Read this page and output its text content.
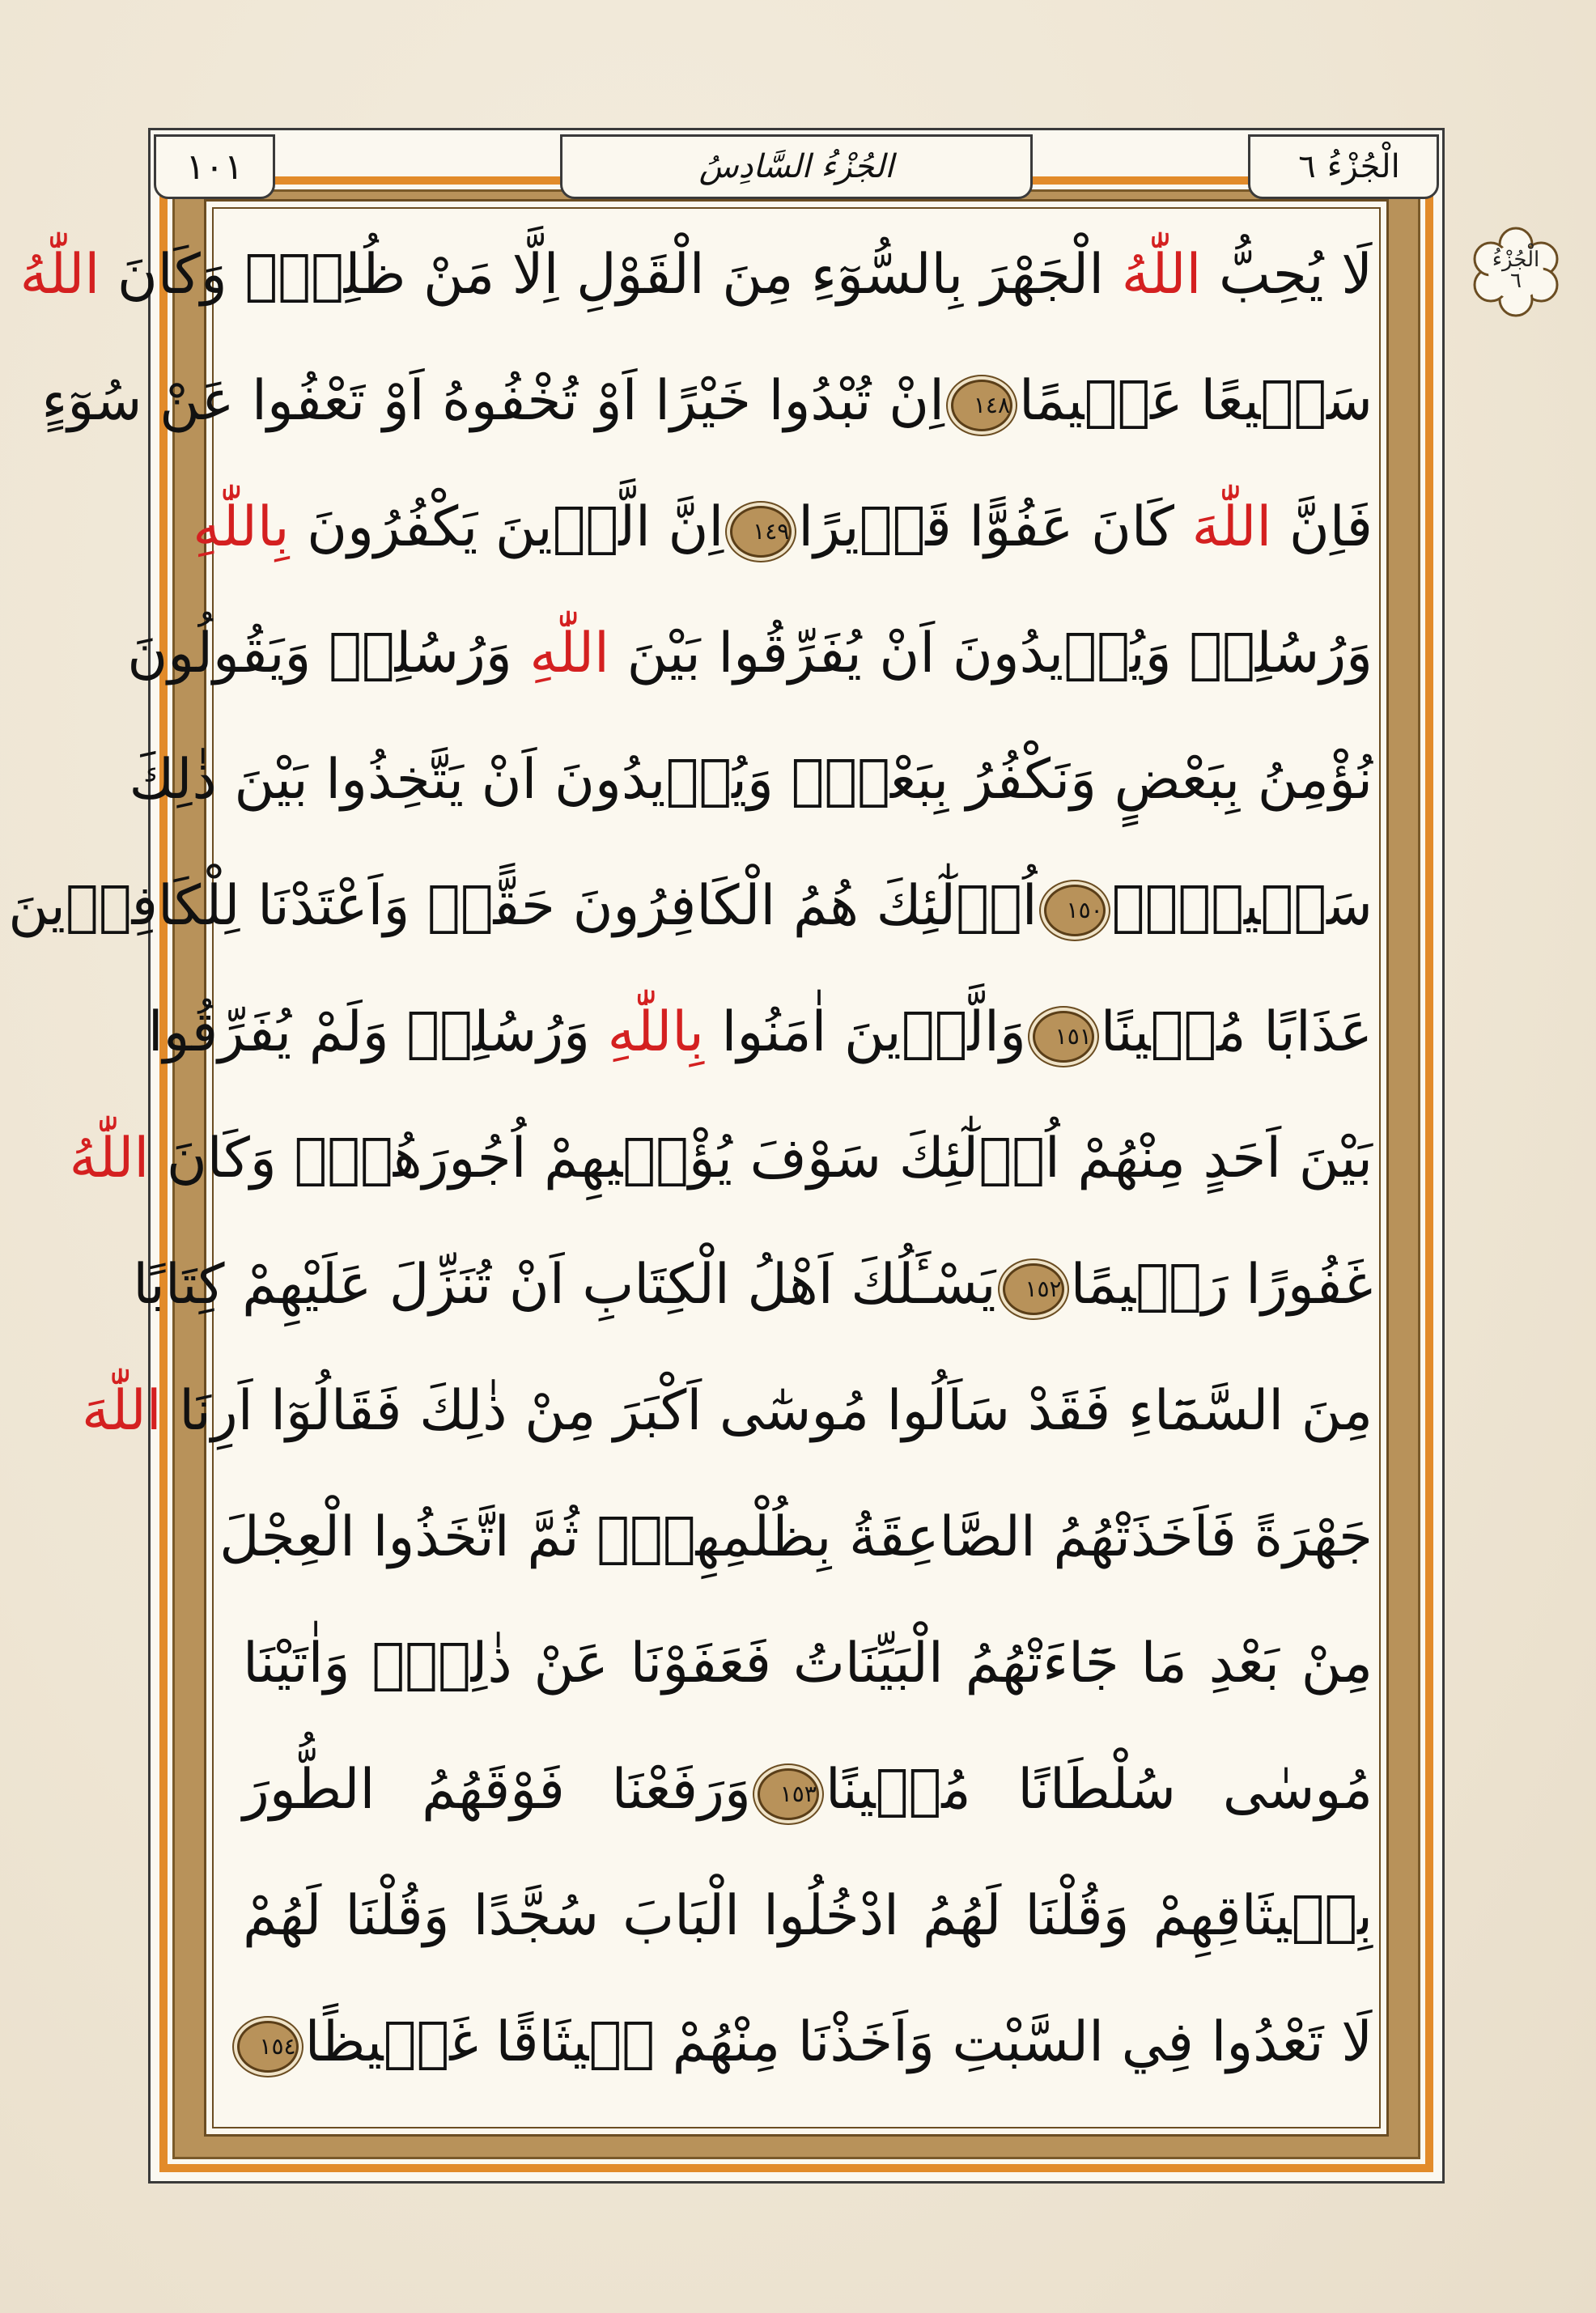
١٠١	الجُزْءُ السَّادِسُ	٦ الْجُزْءُ
الْجُزْءُ
٦
لَا يُحِبُّ اللّٰهُ الْجَهْرَ بِالسُّوٓءِ مِنَ الْقَوْلِ اِلَّا مَنْ ظُلِمَۜ وَكَانَ اللّٰهُ
سَمٖيعًا عَلٖيمًا١٤٨اِنْ تُبْدُوا خَيْرًا اَوْ تُخْفُوهُ اَوْ تَعْفُوا عَنْ سُوٓءٍ
فَاِنَّ اللّٰهَ كَانَ عَفُوًّا قَدٖيرًا١٤٩اِنَّ الَّذٖينَ يَكْفُرُونَ بِاللّٰهِ
وَرُسُلِهٖ وَيُرٖيدُونَ اَنْ يُفَرِّقُوا بَيْنَ اللّٰهِ وَرُسُلِهٖ وَيَقُولُونَ
نُؤْمِنُ بِبَعْضٍ وَنَكْفُرُ بِبَعْضٍۙ وَيُرٖيدُونَ اَنْ يَتَّخِذُوا بَيْنَ ذٰلِكَ
سَبٖيلًاۙ١٥٠اُو۬لٰٓئِكَ هُمُ الْكَافِرُونَ حَقًّاۚ وَاَعْتَدْنَا لِلْكَافِرٖينَ
عَذَابًا مُهٖينًا١٥١وَالَّذٖينَ اٰمَنُوا بِاللّٰهِ وَرُسُلِهٖ وَلَمْ يُفَرِّقُوا
بَيْنَ اَحَدٍ مِنْهُمْ اُو۬لٰٓئِكَ سَوْفَ يُؤْتٖيهِمْ اُجُورَهُمْۜ وَكَانَ اللّٰهُ
غَفُورًا رَحٖيمًا١٥٢يَسْـَٔلُكَ اَهْلُ الْكِتَابِ اَنْ تُنَزِّلَ عَلَيْهِمْ كِتَابًا
مِنَ السَّمَٓاءِ فَقَدْ سَاَلُوا مُوسٰٓى اَكْبَرَ مِنْ ذٰلِكَ فَقَالُوٓا اَرِنَا اللّٰهَ
جَهْرَةً فَاَخَذَتْهُمُ الصَّاعِقَةُ بِظُلْمِهِمْۚ ثُمَّ اتَّخَذُوا الْعِجْلَ
مِنْ بَعْدِ مَا جَٓاءَتْهُمُ الْبَيِّنَاتُ فَعَفَوْنَا عَنْ ذٰلِكَۚ وَاٰتَيْنَا
مُوسٰى سُلْطَانًا مُبٖينًا١٥٣وَرَفَعْنَا فَوْقَهُمُ الطُّورَ
بِمٖيثَاقِهِمْ وَقُلْنَا لَهُمُ ادْخُلُوا الْبَابَ سُجَّدًا وَقُلْنَا لَهُمْ
لَا تَعْدُوا فِي السَّبْتِ وَاَخَذْنَا مِنْهُمْ مٖيثَاقًا غَلٖيظًا١٥٤
